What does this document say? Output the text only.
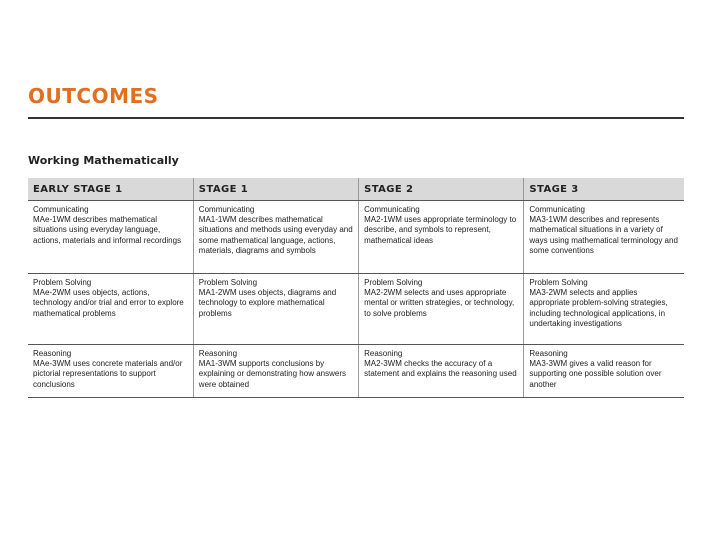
OUTCOMES
Working Mathematically
EARLY STAGE 1	STAGE 1	STAGE 2	STAGE 3

Communicating
MAe-1WM describes mathematical situations using everyday language, actions, materials and informal recordings	Communicating
MA1-1WM describes mathematical situations and methods using everyday and some mathematical language, actions, materials, diagrams and symbols	Communicating
MA2-1WM uses appropriate terminology to describe, and symbols to represent, mathematical ideas	Communicating
MA3-1WM describes and represents mathematical situations in a variety of ways using mathematical terminology and some conventions

Problem Solving
MAe-2WM uses objects, actions, technology and/or trial and error to explore mathematical problems	Problem Solving
MA1-2WM uses objects, diagrams and technology to explore mathematical problems	Problem Solving
MA2-2WM selects and uses appropriate mental or written strategies, or technology, to solve problems	Problem Solving
MA3-2WM selects and applies appropriate problem-solving strategies, including technological applications, in undertaking investigations

Reasoning
MAe-3WM uses concrete materials and/or pictorial representations to support conclusions	Reasoning
MA1-3WM supports conclusions by explaining or demonstrating how answers were obtained	Reasoning
MA2-3WM checks the accuracy of a statement and explains the reasoning used	Reasoning
MA3-3WM gives a valid reason for supporting one possible solution over another
